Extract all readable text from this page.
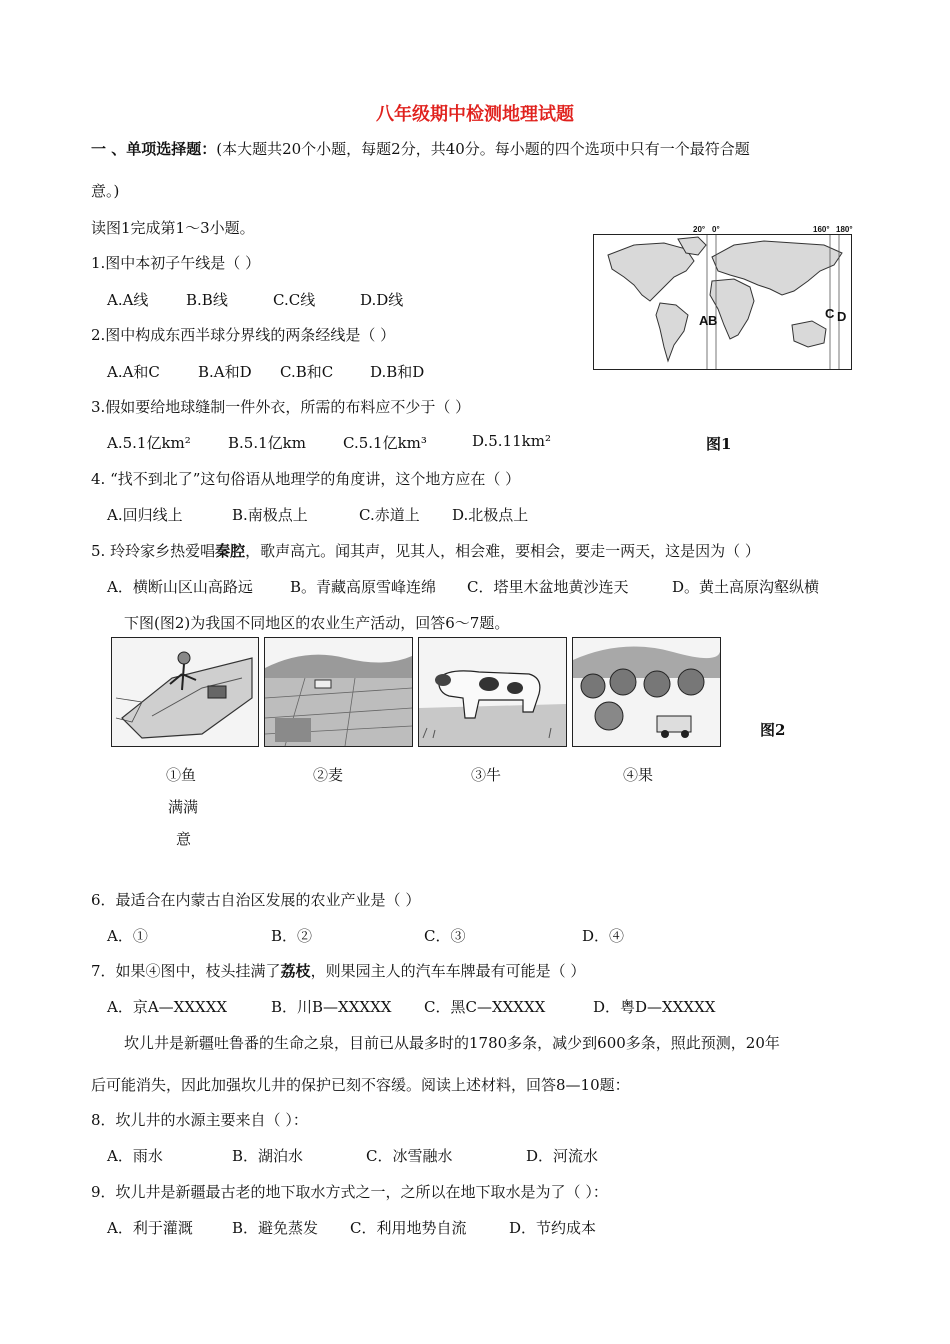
八年级期中检测地理试题
一 、单项选择题：(本大题共20个小题，每题2分，共40分。每小题的四个选项中只有一个最符合题
意。)
读图1完成第1～3小题。	20° 0°	160° 180°
A B	C D
图1
1.图中本初子午线是（ ）
A.A线	B.B线	C.C线	D.D线
2.图中构成东西半球分界线的两条经线是（ ）
A.A和C	B.A和D C.B和C D.B和D
3.假如要给地球缝制一件外衣，所需的布料应不少于（ ）
A.5.1亿km² B.5.1亿km C.5.1亿km³	D.5.11km²
4. “找不到北了”这句俗语从地理学的角度讲，这个地方应在（ ）
A.回归线上	B.南极点上	C.赤道上 D.北极点上
5. 玲玲家乡热爱唱秦腔，歌声高亢。闻其声，见其人，相会难，要相会，要走一两天，这是因为（ ）
A．横断山区山高路远 B。青藏高原雪峰连绵 C．塔里木盆地黄沙连天	D。黄土高原沟壑纵横
下图(图2)为我国不同地区的农业生产活动，回答6～7题。
图2
①鱼
满满
意
②麦	③牛	④果
6．最适合在内蒙古自治区发展的农业产业是（ ）
A．①	B．②	C．③	D．④
7．如果④图中，枝头挂满了荔枝，则果园主人的汽车车牌最有可能是（ ）
A．京A—XXXXX	B．川B—XXXXX C．黑C—XXXXX	D．粤D—XXXXX
坎儿井是新疆吐鲁番的生命之泉，目前已从最多时的1780多条，减少到600多条，照此预测，20年
后可能消失，因此加强坎儿井的保护已刻不容缓。阅读上述材料，回答8—10题：
8．坎儿井的水源主要来自（ ）：
A．雨水	B．湖泊水	C．冰雪融水	D．河流水
9．坎儿井是新疆最古老的地下取水方式之一，之所以在地下取水是为了（ ）：
A．利于灌溉	B．避免蒸发 C．利用地势自流	D．节约成本
